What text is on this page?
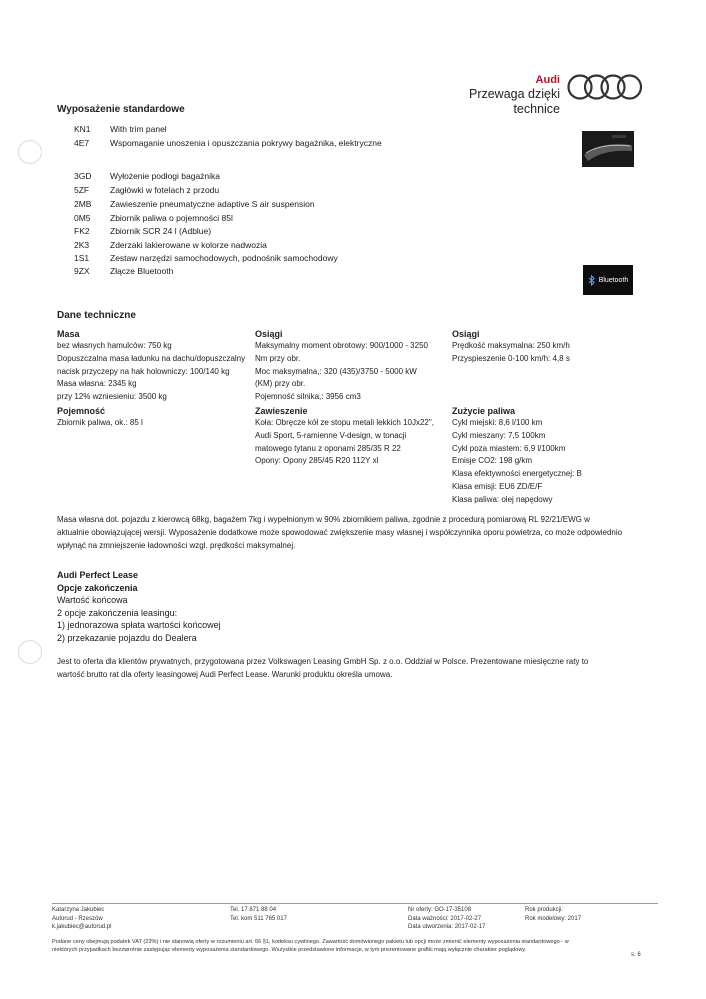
Audi
Przewaga dzięki technice
Wyposażenie standardowe
KN1 With trim panel
4E7 Wspomaganie unoszenia i opuszczania pokrywy bagażnika, elektryczne
3GD Wyłożenie podłogi bagażnika
5ZF Zagłówki w fotelach z przodu
2MB Zawieszenie pneumatyczne adaptive S air suspension
0M5 Zbiornik paliwa o pojemności 85l
FK2 Zbiornik SCR 24 l (Adblue)
2K3 Zderzaki lakierowane w kolorze nadwozia
1S1 Zestaw narzędzi samochodowych, podnośnik samochodowy
9ZX Złącze Bluetooth
Bluetooth
Dane techniczne
Masa
bez własnych hamulców: 750 kg
Dopuszczalna masa ładunku na dachu/dopuszczalny
nacisk przyczepy na hak holowniczy: 100/140 kg
Masa własna: 2345 kg
przy 12% wzniesieniu: 3500 kg
Pojemność
Zbiornik paliwa, ok.: 85 l
Osiągi
Maksymalny moment obrotowy: 900/1000 - 3250
Nm przy obr.
Moc maksymalna,: 320 (435)/3750 - 5000 kW
(KM) przy obr.
Pojemność silnika,: 3956 cm3
Zawieszenie
Koła: Obręcze kół ze stopu metali lekkich 10Jx22",
Audi Sport, 5-ramienne V-design, w tonacji
matowego tytanu z oponami 285/35 R 22
Opony: Opony 285/45 R20 112Y xl
Osiągi
Prędkość maksymalna: 250 km/h
Przyspieszenie 0-100 km/h: 4,8 s
Zużycie paliwa
Cykl miejski: 8,6 l/100 km
Cykl mieszany: 7,5 100km
Cykl poza miastem: 6,9 l/100km
Emisje CO2: 198 g/km
Klasa efektywności energetycznej: B
Klasa emisji: EU6 ZD/E/F
Klasa paliwa: olej napędowy
Masa własna dot. pojazdu z kierowcą 68kg, bagażem 7kg i wypełnionym w 90% zbiornikiem paliwa, zgodnie z procedurą pomiarową RL 92/21/EWG w
aktualnie obowiązującej wersji. Wyposażenie dodatkowe może spowodować zwiększenie masy własnej i współczynnika oporu powietrza, co może odpowiednio
wpłynąć na zmniejszenie ładowności wzgl. prędkości maksymalnej.
Audi Perfect Lease
Opcje zakończenia
Wartość końcowa
2 opcje zakończenia leasingu:
1) jednorazowa spłata wartości końcowej
2) przekazanie pojazdu do Dealera
Jest to oferta dla klientów prywatnych, przygotowana przez Volkswagen Leasing GmbH Sp. z o.o. Oddział w Polsce. Prezentowane miesięczne raty to
wartość brutto rat dla oferty leasingowej Audi Perfect Lease. Warunki produktu określa umowa.
Katarzyna Jakubiec
Autorud - Rzeszów
k.jakubiec@autorud.pl
Tel. 17 871 88 04
Tel. kom 511 765 017
Nr oferty: GO-17-35108
Data ważności: 2017-02-27
Data utworzenia: 2017-02-17
Rok produkcji:
Rok modelowy: 2017
Podane ceny obejmują podatek VAT (23%) i nie stanowią oferty w rozumieniu art. 66 §1, kodeksu cywilnego. Zawartość domówionego pakietu lub opcji może zmienić elementy wyposażenia standardowego - w
niektórych przypadkach bezzwrotnie zastępując elementy wyposażenia standardowego. Wszystkie przedstawione informacje, w tym prezentowane grafiki mają wyłącznie charakter poglądowy.
s. 6
